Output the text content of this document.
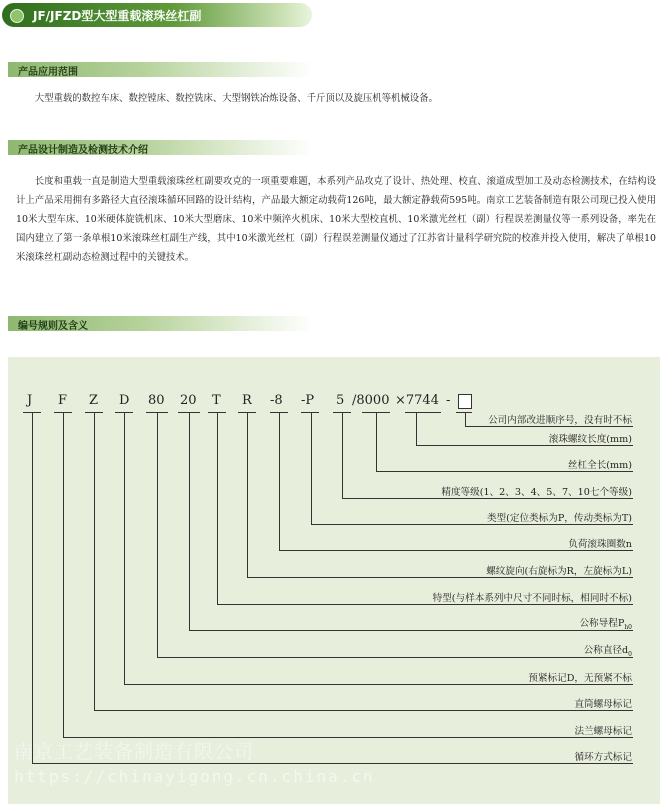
JF/JFZD型大型重载滚珠丝杠副
产品应用范围
大型重载的数控车床、数控镗床、数控铣床、大型钢铁冶炼设备、千斤顶以及旋压机等机械设备。
产品设计制造及检测技术介绍
长度和重载一直是制造大型重载滚珠丝杠副要攻克的一项重要难题，本系列产品攻克了设计、热处理、校直、滚道成型加工及动态检测技术，在结构设计上产品采用拥有多路径大直径滚珠循环回路的设计结构，产品最大额定动载荷126吨，最大额定静载荷595吨。南京工艺装备制造有限公司现已投入使用10米大型车床、10米硬体旋铣机床、10米大型磨床、10米中频淬火机床、10米大型校直机、10米激光丝杠（副）行程误差测量仪等一系列设备，率先在国内建立了第一条单根10米滚珠丝杠副生产线，其中10米激光丝杠（副）行程误差测量仪通过了江苏省计量科学研究院的校准并投入使用，解决了单根10米滚珠丝杠副动态检测过程中的关键技术。
编号规则及含义
J F Z D 80 20 T R -8 -P 5 /8000 ×7744 -
公司内部改进顺序号，没有时不标
滚珠螺纹长度(mm)
丝杠全长(mm)
精度等级(1、2、3、4、5、7、10七个等级)
类型(定位类标为P，传动类标为T)
负荷滚珠圈数n
螺纹旋向(右旋标为R，左旋标为L)
特型(与样本系列中尺寸不同时标，相同时不标)
公称导程$P_{h0}$
公称直径$d_0$
预紧标记D，无预紧不标
直筒螺母标记
法兰螺母标记
循环方式标记
南京工艺装备制造有限公司
https://chinayigong.cn.china.cn
